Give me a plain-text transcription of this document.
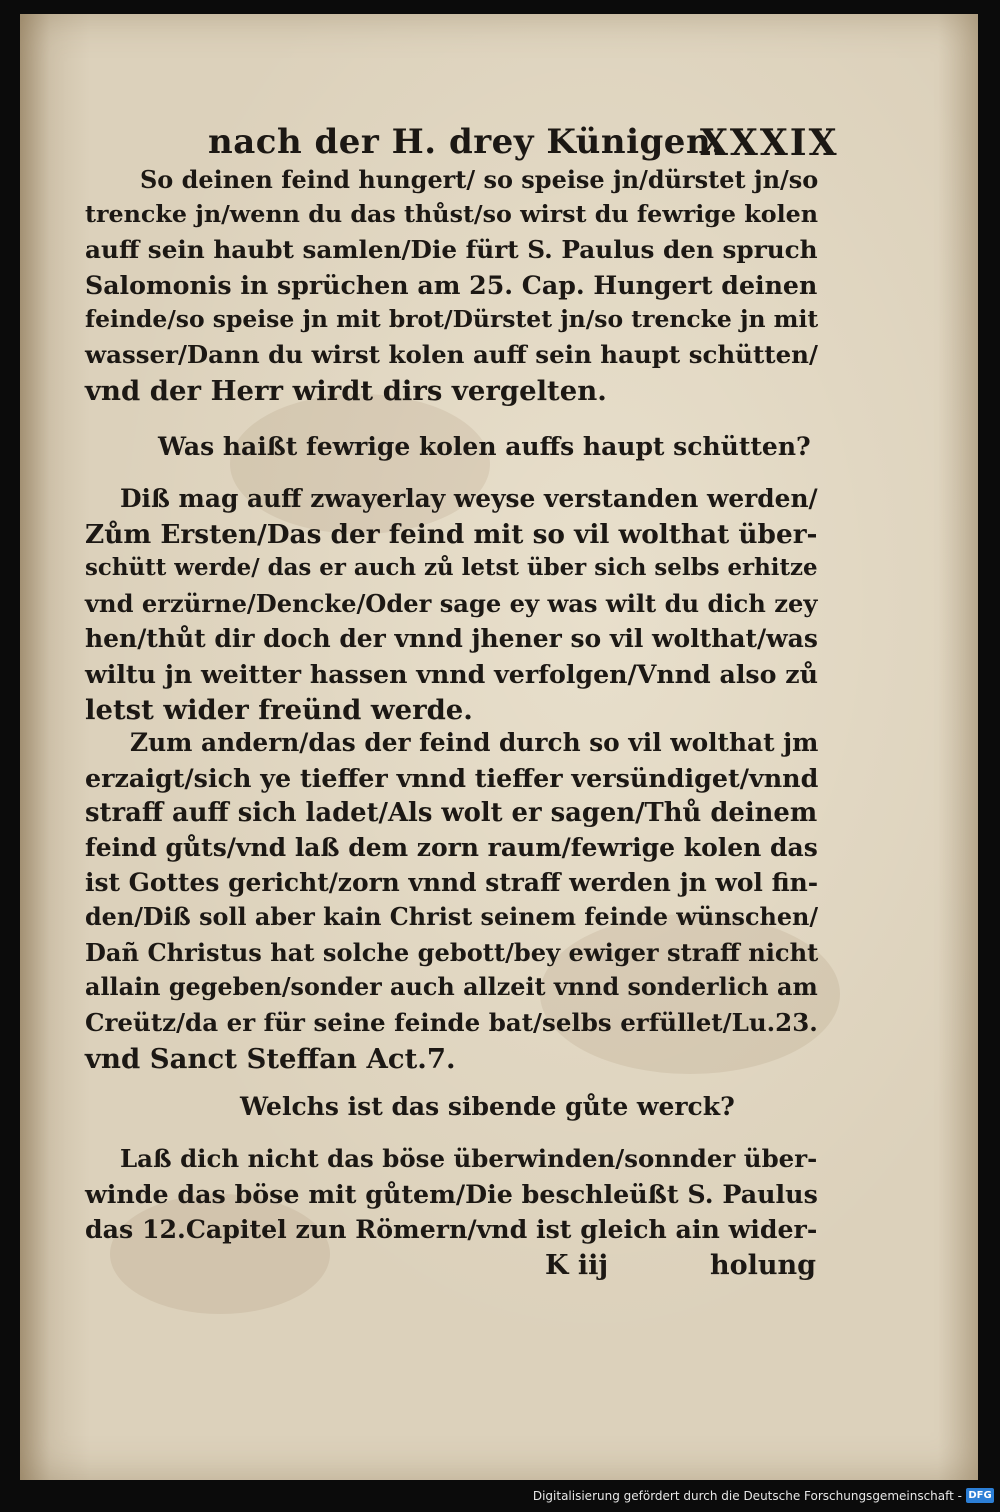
nach der H. drey Künigen.
XXXIX
So deinen feind hungert/ so speise jn/dürstet jn/so
trencke jn/wenn du das thůst/so wirst du fewrige kolen
auff sein haubt samlen/Die fürt S. Paulus den spruch
Salomonis in sprüchen am 25. Cap. Hungert deinen
feinde/so speise jn mit brot/Dürstet jn/so trencke jn mit
wasser/Dann du wirst kolen auff sein haupt schütten/
vnd der Herr wirdt dirs vergelten.
Was haißt fewrige kolen auffs haupt schütten?
Diß mag auff zwayerlay weyse verstanden werden/
Zům Ersten/Das der feind mit so vil wolthat über-
schütt werde/ das er auch zů letst über sich selbs erhitze
vnd erzürne/Dencke/Oder sage ey was wilt du dich zey
hen/thůt dir doch der vnnd jhener so vil wolthat/was
wiltu jn weitter hassen vnnd verfolgen/Vnnd also zů
letst wider freünd werde.
Zum andern/das der feind durch so vil wolthat jm
erzaigt/sich ye tieffer vnnd tieffer versündiget/vnnd
straff auff sich ladet/Als wolt er sagen/Thů deinem
feind gůts/vnd laß dem zorn raum/fewrige kolen das
ist Gottes gericht/zorn vnnd straff werden jn wol fin-
den/Diß soll aber kain Christ seinem feinde wünschen/
Dañ Christus hat solche gebott/bey ewiger straff nicht
allain gegeben/sonder auch allzeit vnnd sonderlich am
Creütz/da er für seine feinde bat/selbs erfüllet/Lu.23.
vnd Sanct Steffan Act.7.
Welchs ist das sibende gůte werck?
Laß dich nicht das böse überwinden/sonnder über-
winde das böse mit gůtem/Die beschleüßt S. Paulus
das 12.Capitel zun Römern/vnd ist gleich ain wider-
K iij	holung
Digitalisierung gefördert durch die Deutsche Forschungsgemeinschaft - DFG
